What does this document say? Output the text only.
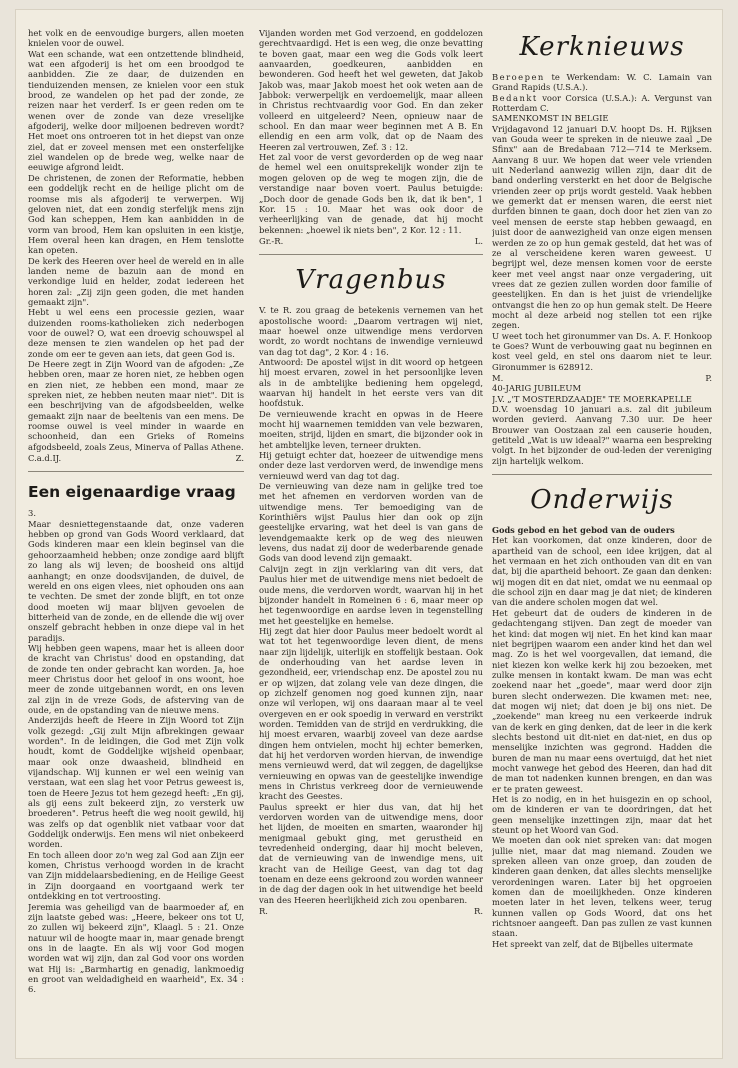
het volk en de eenvoudige burgers, allen moeten knielen voor de ouwel.

Wat een schande, wat een ontzettende blindheid, wat een afgoderij is het om een broodgod te aanbidden. Zie ze daar, de duizenden en tienduizenden mensen, ze knielen voor een stuk brood, ze wandelen op het pad der zonde, ze reizen naar het verderf. Is er geen reden om te wenen over de zonde van deze vreselijke afgoderij, welke door miljoenen bedreven wordt? Het moet ons ontroeren tot in het diepst van onze ziel, dat er zoveel mensen met een onsterfelijke ziel wandelen op de brede weg, welke naar de eeuwige afgrond leidt.

De christenen, de zonen der Reformatie, hebben een goddelijk recht en de heilige plicht om de roomse mis als afgoderij te verwerpen. Wij geloven niet, dat een zondig sterfelijk mens zijn God kan scheppen, Hem kan aanbidden in de vorm van brood, Hem kan opsluiten in een kistje, Hem overal heen kan dragen, en Hem tenslotte kan opeten.

De kerk des Heeren over heel de wereld en in alle landen neme de bazuin aan de mond en verkondige luid en helder, zodat iedereen het horen zal: „Zij zijn geen goden, die met handen gemaakt zijn".

Hebt u wel eens een processie gezien, waar duizenden rooms-katholieken zich nederbogen voor de ouwel? O, wat een droevig schouwspel al deze mensen te zien wandelen op het pad der zonde om eer te geven aan iets, dat geen God is.

De Heere zegt in Zijn Woord van de afgoden: „Ze hebben oren, maar ze horen niet, ze hebben ogen en zien niet, ze hebben een mond, maar ze spreken niet, ze hebben neuten maar niet". Dit is een beschrijving van de afgodsbeelden, welke gemaakt zijn naar de beeltenis van een mens. De roomse ouwel is veel minder in waarde en schoonheid, dan een Grieks of Romeins afgodsbeeld, zoals Zeus, Minerva of Pallas Athene.

C.a.d.IJ.	Z.
Een eigenaardige vraag

3.

Maar desniettegenstaande dat, onze vaderen hebben op grond van Gods Woord verklaard, dat Gods kinderen maar een klein beginsel van die gehoorzaamheid hebben; onze zondige aard blijft zo lang als wij leven; de boosheid ons altijd aanhangt; en onze doodsvijanden, de duivel, de wereld en ons eigen vlees, niet ophouden ons aan te vechten. De smet der zonde blijft, en tot onze dood moeten wij maar blijven gevoelen de bitterheid van de zonde, en de ellende die wij over onszelf gebracht hebben in onze diepe val in het paradijs.

Wij hebben geen wapens, maar het is alleen door de kracht van Christus' dood en opstanding, dat de zonde ten onder gebracht kan worden. Ja, hoe meer Christus door het geloof in ons woont, hoe meer de zonde uitgebannen wordt, en ons leven zal zijn in de vreze Gods, de afsterving van de oude, en de opstanding van de nieuwe mens.

Anderzijds heeft de Heere in Zijn Woord tot Zijn volk gezegd: „Gij zult Mijn afbrekingen gewaar worden". In de leidingen, die God met Zijn volk houdt, komt de Goddelijke wijsheid openbaar, maar ook onze dwaasheid, blindheid en vijandschap. Wij kunnen er wel een weinig van verstaan, wat een slag het voor Petrus geweest is, toen de Heere Jezus tot hem gezegd heeft: „En gij, als gij eens zult bekeerd zijn, zo versterk uw broederen". Petrus heeft die weg nooit gewild, hij was zelfs op dat ogenblik niet vatbaar voor dat Goddelijk onderwijs. Een mens wil niet onbekeerd worden.

En toch alleen door zo'n weg zal God aan Zijn eer komen, Christus verhoogd worden in de kracht van Zijn middelaarsbediening, en de Heilige Geest in Zijn doorgaand en voortgaand werk ter ontdekking en tot vertroosting.

Jeremia was geheiligd van de baarmoeder af, en zijn laatste gebed was: „Heere, bekeer ons tot U, zo zullen wij bekeerd zijn", Klaagl. 5 : 21. Onze natuur wil de hoogte maar in, maar genade brengt ons in de laagte. En als wij voor God mogen worden wat wij zijn, dan zal God voor ons worden wat Hij is: „Barmhartig en genadig, lankmoedig en groot van weldadigheid en waarheid", Ex. 34 : 6.

Vijanden worden met God verzoend, en goddelozen gerechtvaardigd. Het is een weg, die onze bevatting te boven gaat, maar een weg die Gods volk leert aanvaarden, goedkeuren, aanbidden en bewonderen. God heeft het wel geweten, dat Jakob Jakob was, maar Jakob moest het ook weten aan de Jabbok: verwerpelijk en verdoemelijk, maar alleen in Christus rechtvaardig voor God. En dan zeker volleerd en uitgeleerd? Neen, opnieuw naar de school. En dan maar weer beginnen met A B. En ellendig en een arm volk, dat op de Naam des Heeren zal vertrouwen, Zef. 3 : 12.

Het zal voor de verst gevorderden op de weg naar de hemel wel een onuitsprekelijk wonder zijn te mogen geloven op de weg te mogen zijn, die de verstandige naar boven voert. Paulus betuigde: „Doch door de genade Gods ben ik, dat ik ben", 1 Kor. 15 : 10. Maar het was ook door de verheerlijking van de genade, dat hij mocht bekennen: „hoewel ik niets ben", 2 Kor. 12 : 11.

Gr.-R.	L.
Vragenbus

V. te R. zou graag de betekenis vernemen van het apostolische woord: „Daarom vertragen wij niet, maar hoewel onze uitwendige mens verdorven wordt, zo wordt nochtans de inwendige vernieuwd van dag tot dag", 2 Kor. 4 : 16.

Antwoord: De apostel wijst in dit woord op hetgeen hij moest ervaren, zowel in het persoonlijke leven als in de ambtelijke bediening hem opgelegd, waarvan hij handelt in het eerste vers van dit hoofdstuk.

De vernieuwende kracht en opwas in de Heere mocht hij waarnemen temidden van vele bezwaren, moeiten, strijd, lijden en smart, die bijzonder ook in het ambtelijke leven, terneer drukten.

Hij getuigt echter dat, hoezeer de uitwendige mens onder deze last verdorven werd, de inwendige mens vernieuwd werd van dag tot dag.

De vernieuwing van deze nam in gelijke tred toe met het afnemen en verdorven worden van de uitwendige mens. Ter bemoediging van de Korinthiërs wijst Paulus hier dan ook op zijn geestelijke ervaring, wat het deel is van gans de levendgemaakte kerk op de weg des nieuwen levens, dus nadat zij door de wederbarende genade Gods van dood levend zijn gemaakt.

Calvijn zegt in zijn verklaring van dit vers, dat Paulus hier met de uitwendige mens niet bedoelt de oude mens, die verdorven wordt, waarvan hij in het bijzonder handelt in Romeinen 6 : 6, maar meer op het tegenwoordige en aardse leven in tegenstelling met het geestelijke en hemelse.

Hij zegt dat hier door Paulus meer bedoelt wordt al wat tot het tegenwoordige leven dient, de mens naar zijn lijdelijk, uiterlijk en stoffelijk bestaan. Ook de onderhouding van het aardse leven in gezondheid, eer, vriendschap enz. De apostel zou nu er op wijzen, dat zolang vele van deze dingen, die op zichzelf genomen nog goed kunnen zijn, naar onze wil verlopen, wij ons daaraan maar al te veel overgeven en er ook spoedig in verward en verstrikt worden. Temidden van de strijd en verdrukking, die hij moest ervaren, waarbij zoveel van deze aardse dingen hem ontvielen, mocht hij echter bemerken, dat hij het verdorven worden hiervan, de inwendige mens vernieuwd werd, dat wil zeggen, de dagelijkse vernieuwing en opwas van de geestelijke inwendige mens in Christus verkreeg door de vernieuwende kracht des Geestes.

Paulus spreekt er hier dus van, dat hij het verdorven worden van de uitwendige mens, door het lijden, de moeiten en smarten, waaronder hij menigmaal gebukt ging, met gerustheid en tevredenheid onderging, daar hij mocht beleven, dat de vernieuwing van de inwendige mens, uit kracht van de Heilige Geest, van dag tot dag toenam en deze eens gekroond zou worden wanneer in de dag der dagen ook in het uitwendige het beeld van des Heeren heerlijkheid zich zou openbaren.

R.	R.
Kerknieuws

Beroepen te Werkendam: W. C. Lamain van Grand Rapids (U.S.A.).

Bedankt voor Corsica (U.S.A.): A. Vergunst van Rotterdam C.

SAMENKOMST IN BELGIE

Vrijdagavond 12 januari D.V. hoopt Ds. H. Rijksen van Gouda weer te spreken in de nieuwe zaal „De Sfinx" aan de Bredabaan 712—714 te Merksem. Aanvang 8 uur. We hopen dat weer vele vrienden uit Nederland aanwezig willen zijn, daar dit de band onderling versterkt en het door de Belgische vrienden zeer op prijs wordt gesteld. Vaak hebben we gemerkt dat er mensen waren, die eerst niet durfden binnen te gaan, doch door het zien van zo veel mensen de eerste stap hebben gewaagd, en juist door de aanwezigheid van onze eigen mensen werden ze zo op hun gemak gesteld, dat het was of ze al verscheidene keren waren geweest. U begrijpt wel, deze mensen komen voor de eerste keer met veel angst naar onze vergadering, uit vrees dat ze gezien zullen worden door familie of geestelijken. En dan is het juist de vriendelijke ontvangst die hen zo op hun gemak stelt. De Heere mocht al deze arbeid nog stellen tot een rijke zegen.

U weet toch het gironummer van Ds. A. F. Honkoop te Goes? Wunt de verbouwing gaat nu beginnen en kost veel geld, en stel ons daarom niet te leur. Gironummer is 628912.

M.	P.

40-JARIG JUBILEUM

J.V. „'T MOSTERDZAADJE" TE MOERKAPELLE

D.V. woensdag 10 januari a.s. zal dit jubileum worden gevierd. Aanvang 7.30 uur. De heer Brouwer van Oostzaan zal een causerie houden, getiteld „Wat is uw ideaal?" waarna een bespreking volgt. In het bijzonder de oud-leden der vereniging zijn hartelijk welkom.

Onderwijs

Gods gebod en het gebod van de ouders

Het kan voorkomen, dat onze kinderen, door de apartheid van de school, een idee krijgen, dat al het vermaan en het zich onthouden van dit en van dat, bij die apartheid behoort. Ze gaan dan denken: wij mogen dit en dat niet, omdat we nu eenmaal op die school zijn en daar mag je dat niet; de kinderen van die andere scholen mogen dat wel.

Het gebeurt dat de ouders de kinderen in de gedachtengang stijven. Dan zegt de moeder van het kind: dat mogen wij niet. En het kind kan maar niet begrijpen waarom een ander kind het dan wel mag. Zo is het wel voorgevallen, dat iemand, die niet kiezen kon welke kerk hij zou bezoeken, met zulke mensen in kontakt kwam. De man was echt zoekend naar het „goede", maar werd door zijn buren slecht onderwezen. Die kwamen met: nee, dat mogen wij niet; dat doen je bij ons niet. De „zoekende" man kreeg nu een verkeerde indruk van de kerk en ging denken, dat de leer in die kerk slechts bestond uit dit-niet en dat-niet, en dus op menselijke inzichten was gegrond. Hadden die buren de man nu maar eens overtuigd, dat het niet mocht vanwege het gebod des Heeren, dan had dit de man tot nadenken kunnen brengen, en dan was er te praten geweest.

Het is zo nodig, en in het huisgezin en op school, om de kinderen er van te doordringen, dat het geen menselijke inzettingen zijn, maar dat het steunt op het Woord van God.

We moeten dan ook niet spreken van: dat mogen jullie niet, maar dat mag niemand. Zouden we spreken alleen van onze groep, dan zouden de kinderen gaan denken, dat alles slechts menselijke verordeningen waren. Later bij het opgroeien komen dan de moeilijkheden. Onze kinderen moeten later in het leven, telkens weer, terug kunnen vallen op Gods Woord, dat ons het richtsnoer aangeeft. Dan pas zullen ze vast kunnen staan.

Het spreekt van zelf, dat de Bijbelles uitermate
